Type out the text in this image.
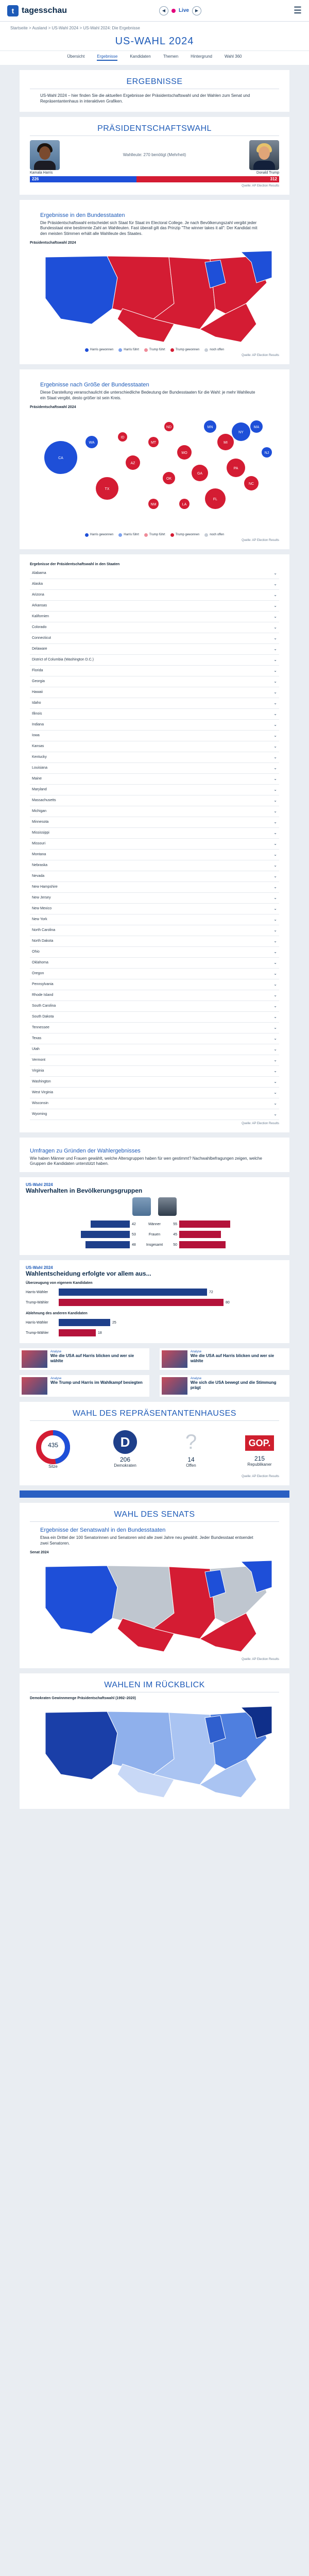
t tagesschau	◀	Live	▶	☰
Startseite > Ausland > US-Wahl 2024 > US-Wahl 2024: Die Ergebnisse
US-WAHL 2024
Übersicht	Ergebnisse	Kandidaten	Themen	Hintergrund	Wahl 360
ERGEBNISSE
US-Wahl 2024 – hier finden Sie die aktuellen Ergebnisse der Präsidentschaftswahl und der Wahlen zum Senat und Repräsentantenhaus in interaktiven Grafiken.
PRÄSIDENTSCHAFTSWAHL
Wahlleute: 270 benötigt (Mehrheit)
Kamala Harris	Donald Trump
226	312
Quelle: AP Election Results
Ergebnisse in den Bundesstaaten
Die Präsidentschaftswahl entscheidet sich Staat für Staat im Electoral College. Je nach Bevölkerungszahl vergibt jeder Bundesstaat eine bestimmte Zahl an Wahlleuten. Fast überall gilt das Prinzip "The winner takes it all": Der Kandidat mit den meisten Stimmen erhält alle Wahlleute des Staates.
Präsidentschaftswahl 2024
Harris gewonnen	Harris führt	Trump führt	Trump gewonnen	noch offen
Quelle: AP Election Results
Ergebnisse nach Größe der Bundesstaaten
Diese Darstellung veranschaulicht die unterschiedliche Bedeutung der Bundesstaaten für die Wahl: je mehr Wahlleute ein Staat vergibt, desto größer ist sein Kreis.
Präsidentschaftswahl 2024
CA
WA
TX
AZ
MT
OK
MO
GA
FL
MI
NY
MA
PA
NC
MN
LA
NM
ID
NJ
ND
Harris gewonnen	Harris führt	Trump führt	Trump gewonnen	noch offen
Quelle: AP Election Results
Ergebnisse der Präsidentschaftswahl in den Staaten
Alabama	⌄
Alaska	⌄
Arizona	⌄
Arkansas	⌄
Kalifornien	⌄
Colorado	⌄
Connecticut	⌄
Delaware	⌄
District of Columbia (Washington D.C.)	⌄
Florida	⌄
Georgia	⌄
Hawaii	⌄
Idaho	⌄
Illinois	⌄
Indiana	⌄
Iowa	⌄
Kansas	⌄
Kentucky	⌄
Louisiana	⌄
Maine	⌄
Maryland	⌄
Massachusetts	⌄
Michigan	⌄
Minnesota	⌄
Mississippi	⌄
Missouri	⌄
Montana	⌄
Nebraska	⌄
Nevada	⌄
New Hampshire	⌄
New Jersey	⌄
New Mexico	⌄
New York	⌄
North Carolina	⌄
North Dakota	⌄
Ohio	⌄
Oklahoma	⌄
Oregon	⌄
Pennsylvania	⌄
Rhode Island	⌄
South Carolina	⌄
South Dakota	⌄
Tennessee	⌄
Texas	⌄
Utah	⌄
Vermont	⌄
Virginia	⌄
Washington	⌄
West Virginia	⌄
Wisconsin	⌄
Wyoming	⌄
Quelle: AP Election Results
Umfragen zu Gründen der Wahlergebnisses
Wie haben Männer und Frauen gewählt, welche Altersgruppen haben für wen gestimmt? Nachwahlbefragungen zeigen, welche Gruppen die Kandidaten unterstützt haben.
US-Wahl 2024
Wahlverhalten in Bevölkerungsgruppen
42	Männer	55
53	Frauen	45
48	Insgesamt	50
US-Wahl 2024
Wahlentscheidung erfolgte vor allem aus...
Überzeugung von eigenem Kandidaten
Harris-Wähler	72
Trump-Wähler	80
Ablehnung des anderen Kandidaten
Harris-Wähler	25
Trump-Wähler	18
Analyse
Wie die USA auf Harris blicken und wer sie wählte
Analyse
Wie die USA auf Harris blicken und wer sie wählte
Analyse
Wie Trump und Harris im Wahlkampf besiegten
Analyse
Wie sich die USA bewegt und die Stimmung prägt
WAHL DES REPRÄSENTANTENHAUSES
435
Sitze
D
206
Demokraten
?
14
Offen
GOP.
215
Republikaner
Quelle: AP Election Results
WAHL DES SENATS
Ergebnisse der Senatswahl in den Bundesstaaten
Etwa ein Drittel der 100 Senatorinnen und Senatoren wird alle zwei Jahre neu gewählt. Jeder Bundesstaat entsendet zwei Senatoren.
Senat 2024
Quelle: AP Election Results
WAHLEN IM RÜCKBLICK
Demokraten Gewinnmenge Präsidentschaftswahl (1992–2020)
